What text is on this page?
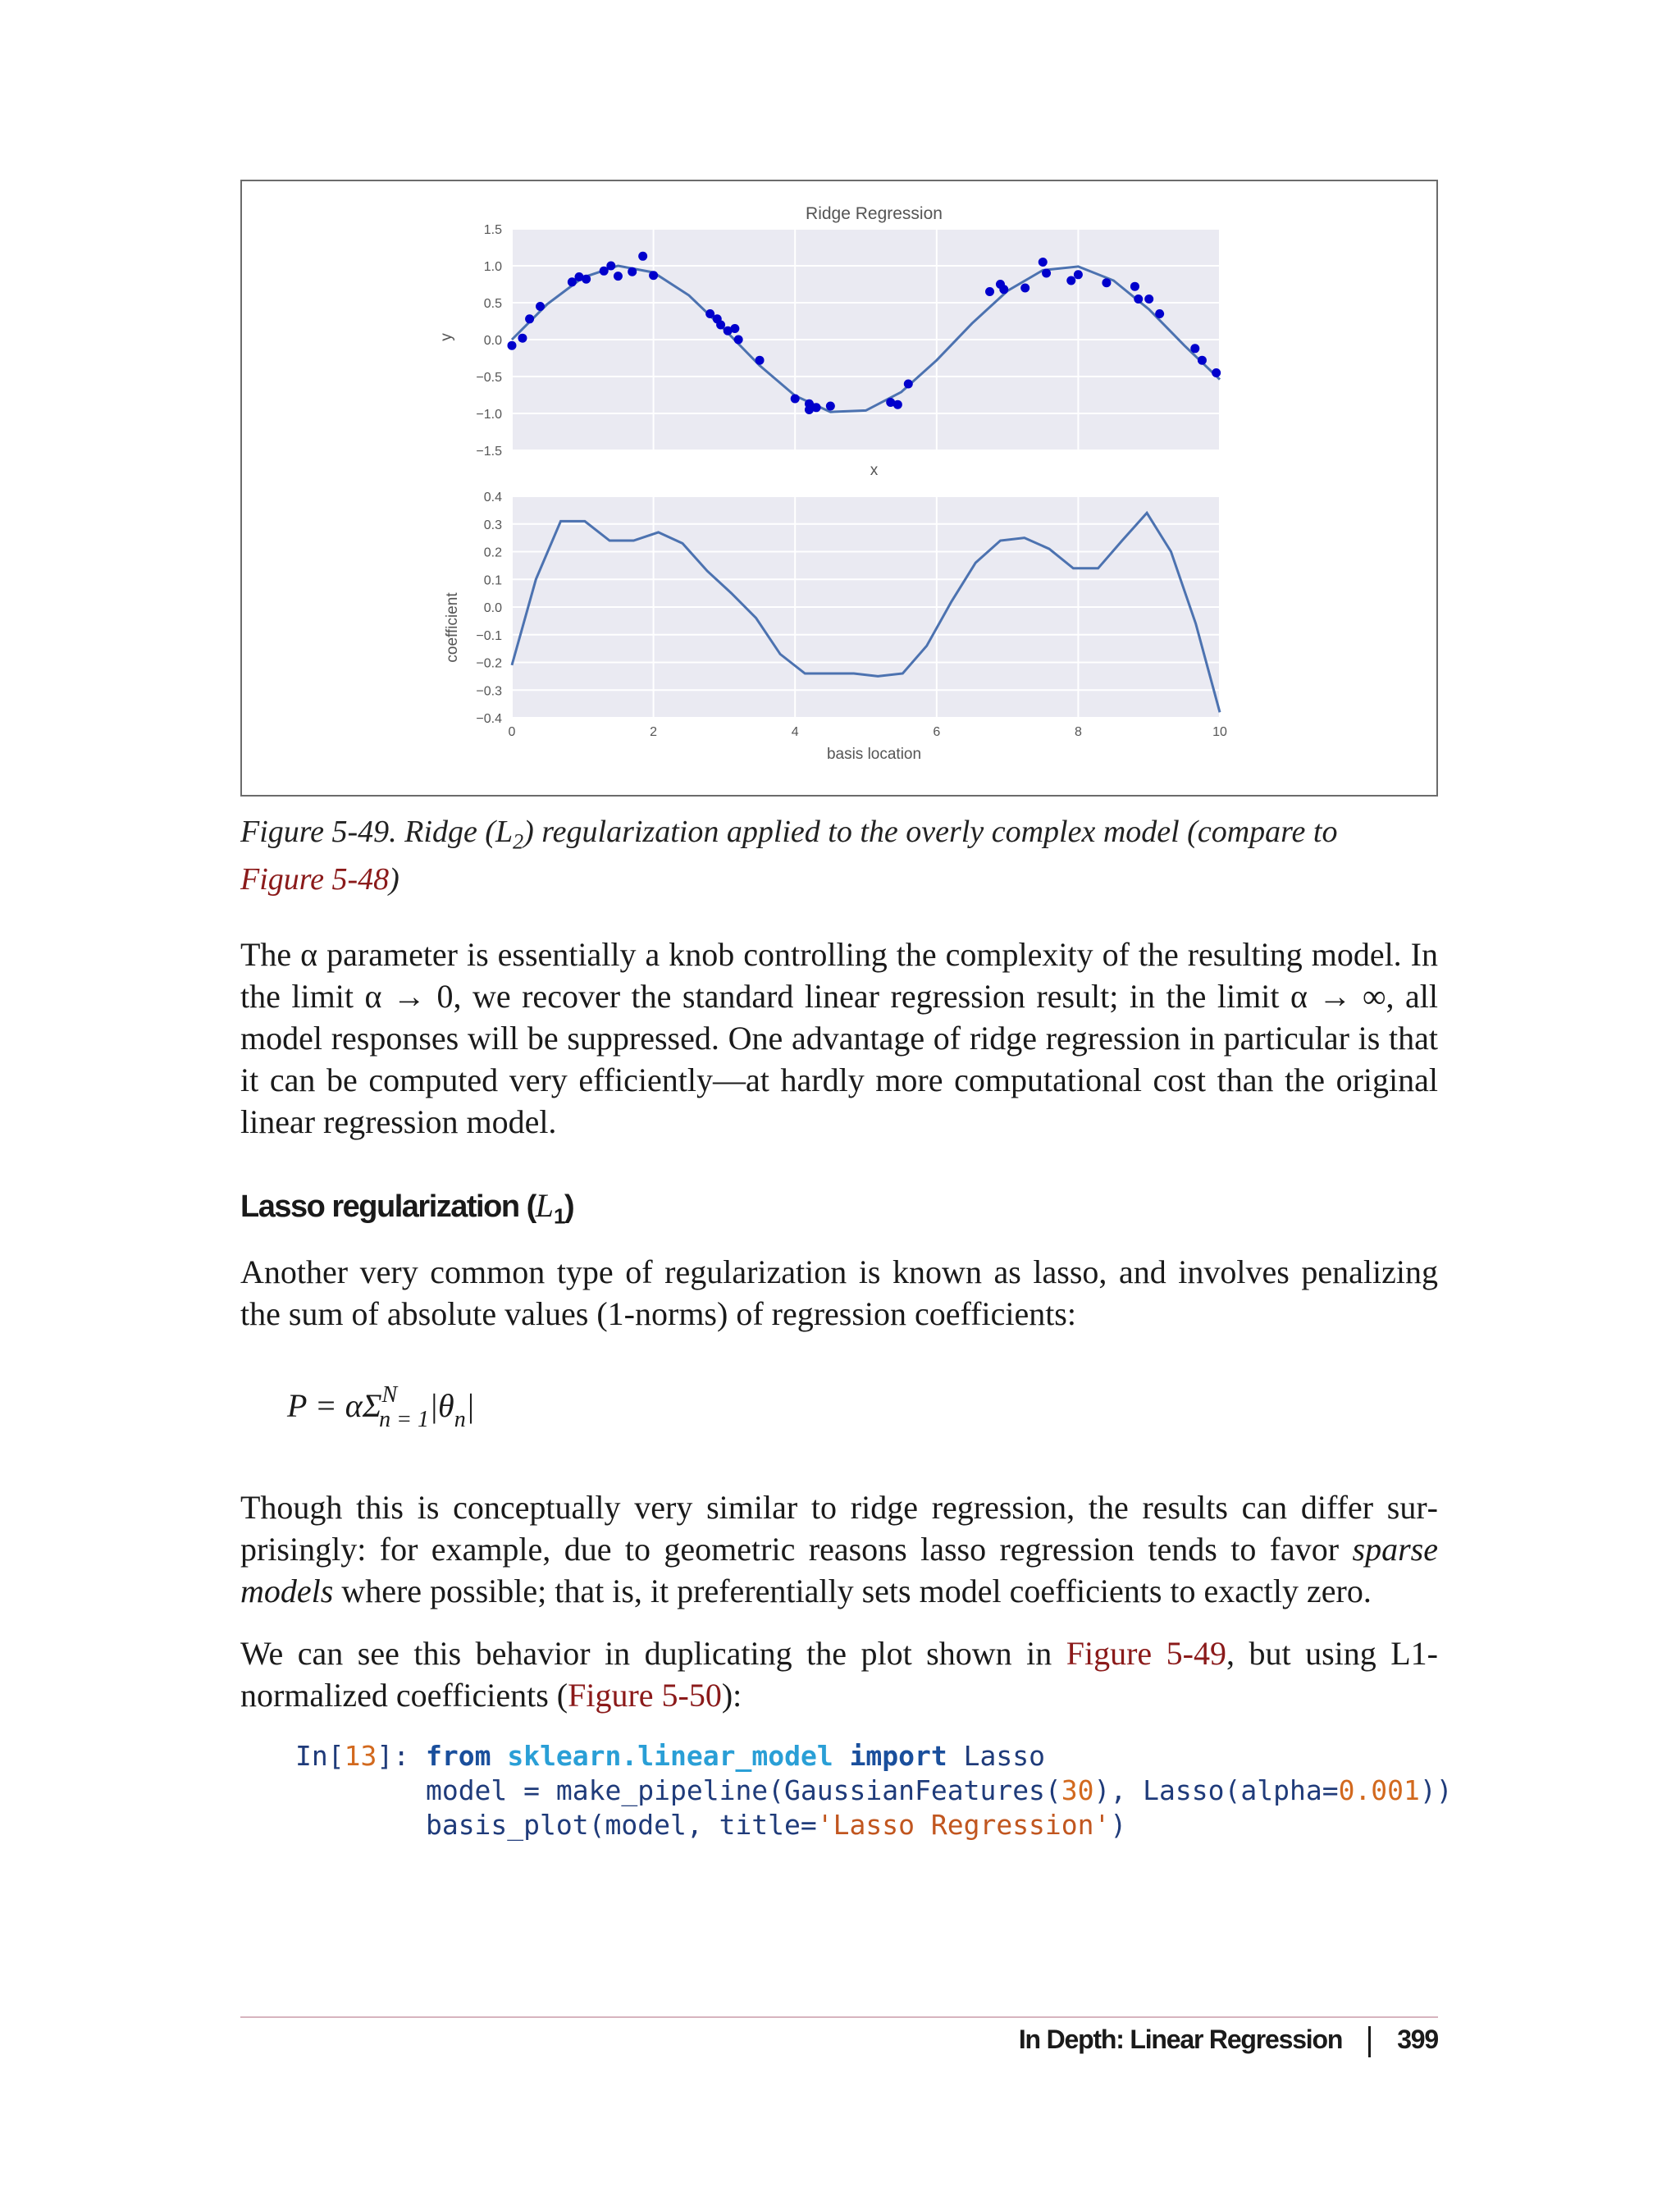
1.5
1.0
0.5
0.0
−0.5
−1.0
−1.5
Ridge Regression
x
y
0.4
0.3
0.2
0.1
0.0
−0.1
−0.2
−0.3
−0.4
0	2	4	6	8	10
basis location
coefficient
Figure 5-49. Ridge $(L_2)$ regularization applied to the overly complex model (compare to
Figure 5-48)
The α parameter is essentially a knob controlling the complexity of the resulting model. In the limit α → 0, we recover the standard linear regression result; in the limit α → ∞, all model responses will be suppressed. One advantage of ridge regression in particular is that it can be computed very efficiently—at hardly more computational cost than the original linear regression model.
Lasso regularization $(L_1)$
Another very common type of regularization is known as lasso, and involves penalizing the sum of absolute values (1-norms) of regression coefficients:
$P = \alpha\Sigma^N_{n = 1}|\theta_n|$
Though this is conceptually very similar to ridge regression, the results can differ surprisingly: for example, due to geometric reasons lasso regression tends to favor sparse models where possible; that is, it preferentially sets model coefficients to exactly zero.
We can see this behavior in duplicating the plot shown in Figure 5-49, but using L1-normalized coefficients (Figure 5-50):
In[13]: from sklearn.linear_model import Lasso
model = make_pipeline(GaussianFeatures(30), Lasso(alpha=0.001))
basis_plot(model, title='Lasso Regression')
In Depth: Linear Regression 399
